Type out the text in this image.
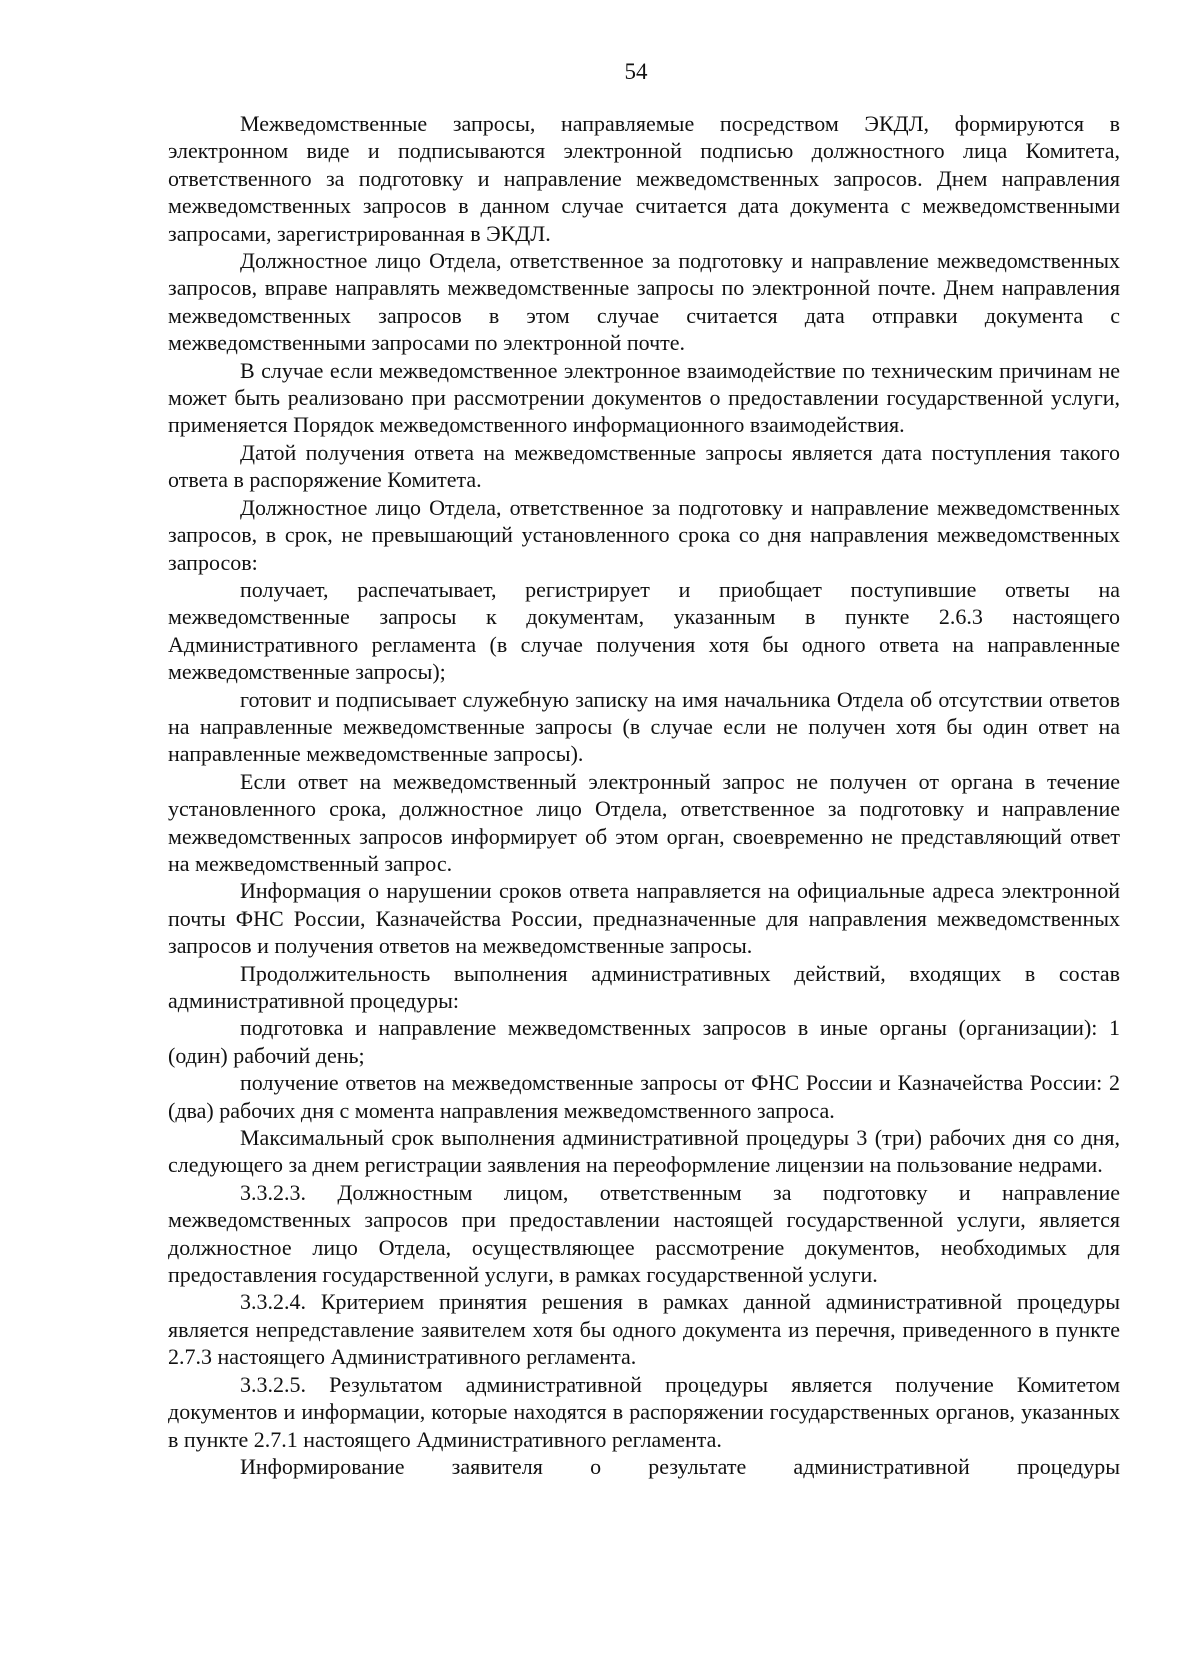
54

Межведомственные запросы, направляемые посредством ЭКДЛ, формируются в электронном виде и подписываются электронной подписью должностного лица Комитета, ответственного за подготовку и направление межведомственных запросов. Днем направления межведомственных запросов в данном случае считается дата документа с межведомственными запросами, зарегистрированная в ЭКДЛ.

Должностное лицо Отдела, ответственное за подготовку и направление межведомственных запросов, вправе направлять межведомственные запросы по электронной почте. Днем направления межведомственных запросов в этом случае считается дата отправки документа с межведомственными запросами по электронной почте.

В случае если межведомственное электронное взаимодействие по техническим причинам не может быть реализовано при рассмотрении документов о предоставлении государственной услуги, применяется Порядок межведомственного информационного взаимодействия.

Датой получения ответа на межведомственные запросы является дата поступления такого ответа в распоряжение Комитета.

Должностное лицо Отдела, ответственное за подготовку и направление межведомственных запросов, в срок, не превышающий установленного срока со дня направления межведомственных запросов:

получает, распечатывает, регистрирует и приобщает поступившие ответы на межведомственные запросы к документам, указанным в пункте 2.6.3 настоящего Административного регламента (в случае получения хотя бы одного ответа на направленные межведомственные запросы);

готовит и подписывает служебную записку на имя начальника Отдела об отсутствии ответов на направленные межведомственные запросы (в случае если не получен хотя бы один ответ на направленные межведомственные запросы).

Если ответ на межведомственный электронный запрос не получен от органа в течение установленного срока, должностное лицо Отдела, ответственное за подготовку и направление межведомственных запросов информирует об этом орган, своевременно не представляющий ответ на межведомственный запрос.

Информация о нарушении сроков ответа направляется на официальные адреса электронной почты ФНС России, Казначейства России, предназначенные для направления межведомственных запросов и получения ответов на межведомственные запросы.

Продолжительность выполнения административных действий, входящих в состав административной процедуры:

подготовка и направление межведомственных запросов в иные органы (организации): 1 (один) рабочий день;

получение ответов на межведомственные запросы от ФНС России и Казначейства России: 2 (два) рабочих дня с момента направления межведомственного запроса.

Максимальный срок выполнения административной процедуры 3 (три) рабочих дня со дня, следующего за днем регистрации заявления на переоформление лицензии на пользование недрами.

3.3.2.3. Должностным лицом, ответственным за подготовку и направление межведомственных запросов при предоставлении настоящей государственной услуги, является должностное лицо Отдела, осуществляющее рассмотрение документов, необходимых для предоставления государственной услуги, в рамках государственной услуги.

3.3.2.4. Критерием принятия решения в рамках данной административной процедуры является непредставление заявителем хотя бы одного документа из перечня, приведенного в пункте 2.7.3 настоящего Административного регламента.

3.3.2.5. Результатом административной процедуры является получение Комитетом документов и информации, которые находятся в распоряжении государственных органов, указанных в пункте 2.7.1 настоящего Административного регламента.

Информирование заявителя о результате административной процедуры
